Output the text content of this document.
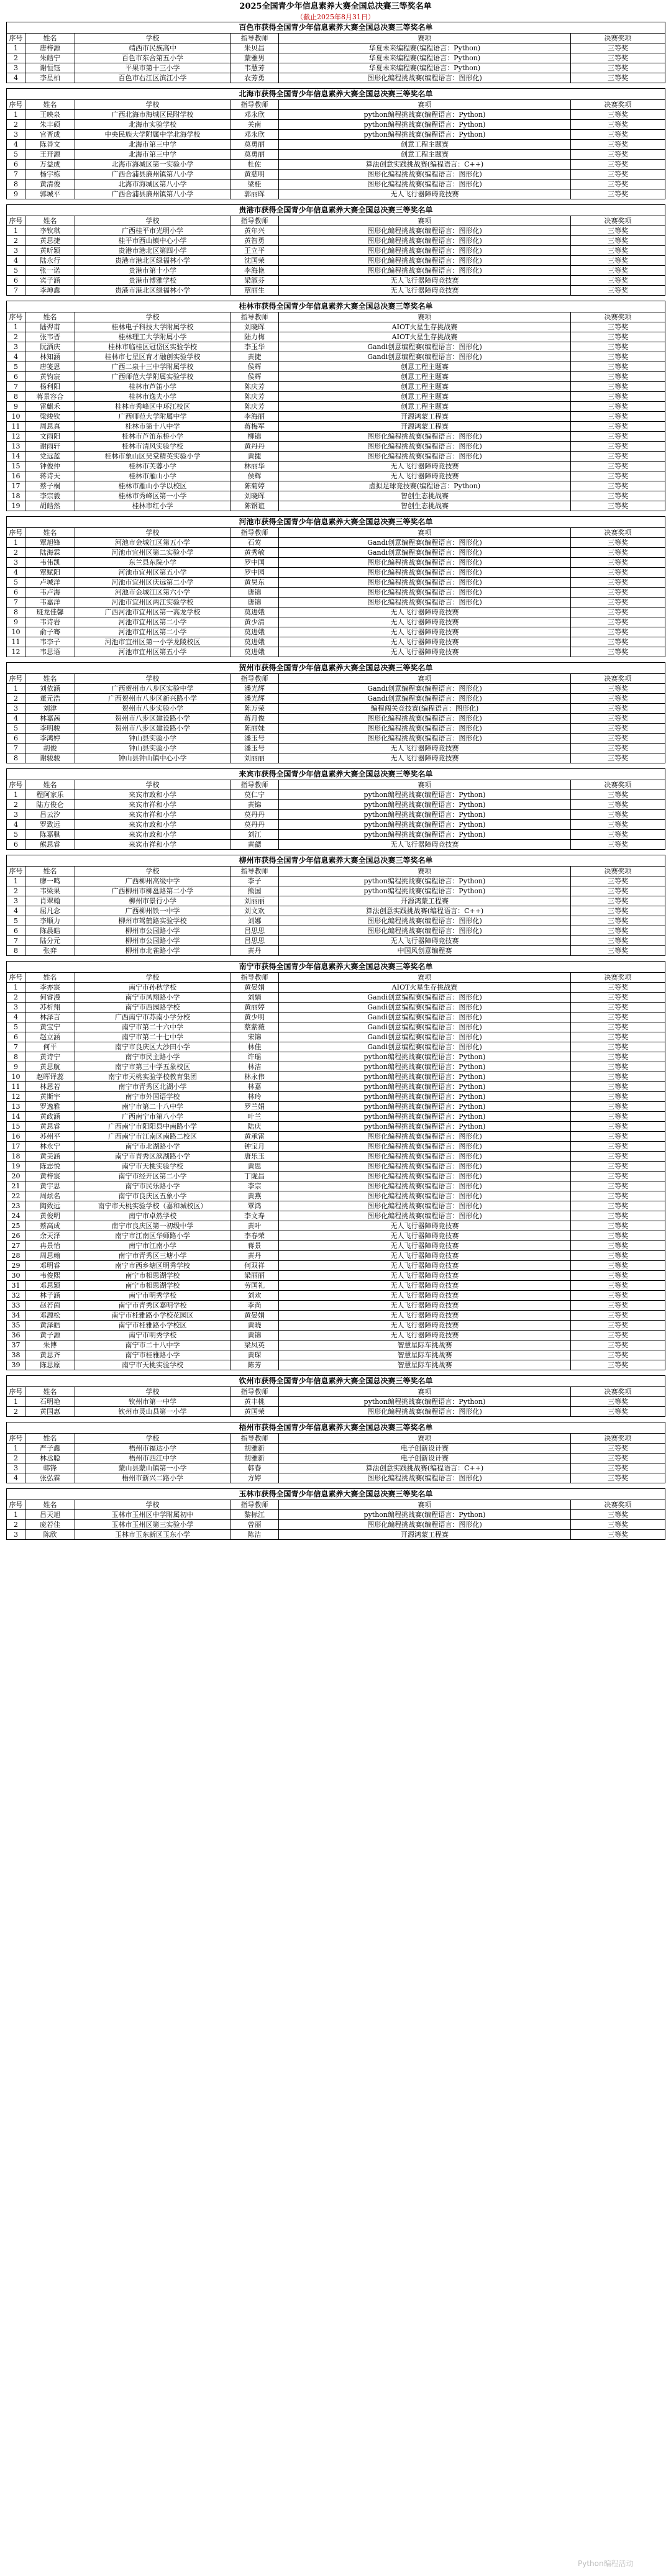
2025全国青少年信息素养大赛全国总决赛三等奖名单
（截止2025年8月31日）
百色市获得全国青少年信息素养大赛全国总决赛三等奖名单					
序号	姓名	学校	指导教师	赛项	决赛奖项
1	唐梓源	靖西市民族高中	朱贝昌	华夏未来编程赛(编程语言：Python)	三等奖
2	朱皓宁	百色市东合第五小学	蒙雅男	华夏未来编程赛(编程语言：Python)	三等奖
3	谢恒钰	平果市第十三小学	韦慧芳	华夏未来编程赛(编程语言：Python)	三等奖
4	李星柏	百色市右江区滨江小学	农芳勇	图形化编程挑战赛(编程语言：图形化)	三等奖
北海市获得全国青少年信息素养大赛全国总决赛三等奖名单					
序号	姓名	学校	指导教师	赛项	决赛奖项
1	王映泉	广西北海市海城区民附学校	邓永欣	python编程挑战赛(编程语言：Python)	三等奖
2	朱丰硕	北海市实验学校	关南	python编程挑战赛(编程语言：Python)	三等奖
3	官晋成	中央民族大学附属中学北海学校	邓永欣	python编程挑战赛(编程语言：Python)	三等奖
4	陈善文	北海市第三中学	莫勇丽	创意工程主题赛	三等奖
5	王开源	北海市第三中学	莫勇丽	创意工程主题赛	三等奖
6	万益成	北海市海城区第一实验小学	杜佐	算法创意实践挑战赛(编程语言：C++)	三等奖
7	杨宇栋	广西合浦县廉州镇第八小学	黄慈明	图形化编程挑战赛(编程语言：图形化)	三等奖
8	黄清俊	北海市海城区第八小学	梁桂	图形化编程挑战赛(编程语言：图形化)	三等奖
9	郭城平	广西合浦县廉州镇第八小学	郭丽晖	无人飞行器障碍竞技赛	三等奖
贵港市获得全国青少年信息素养大赛全国总决赛三等奖名单					
序号	姓名	学校	指导教师	赛项	决赛奖项
1	李钦琪	广西桂平市光明小学	黄年兴	图形化编程挑战赛(编程语言：图形化)	三等奖
2	黄思捷	桂平市西山镇中心小学	黄智勇	图形化编程挑战赛(编程语言：图形化)	三等奖
3	黄昕颖	贵港市港北区第四小学	王立平	图形化编程挑战赛(编程语言：图形化)	三等奖
4	陆永行	贵港市港北区绿福林小学	沈国荣	图形化编程挑战赛(编程语言：图形化)	三等奖
5	张一诺	贵港市第十小学	李海艳	图形化编程挑战赛(编程语言：图形化)	三等奖
6	宾子涵	贵港市博雅学校	梁淑芬	无人飞行器障碍竞技赛	三等奖
7	李坤鑫	贵港市港北区绿福林小学	覃丽生	无人飞行器障碍竞技赛	三等奖
桂林市获得全国青少年信息素养大赛全国总决赛三等奖名单					
序号	姓名	学校	指导教师	赛项	决赛奖项
1	陆羿甫	桂林电子科技大学附属学校	刘晓晖	AIOT火星生存挑战赛	三等奖
2	张韦晋	桂林理工大学附属小学	陆力梅	AIOT火星生存挑战赛	三等奖
3	阮洒庆	桂林市临桂区冠岱区实验学校	李玉华	Gandi创意编程赛(编程语言：图形化)	三等奖
4	林知涵	桂林市七星区育才融创实验学校	黄捷	Gandi创意编程赛(编程语言：图形化)	三等奖
5	唐笺恩	广西二泉十三中学附属学校	侯辉	创意工程主题赛	三等奖
6	黄钧宸	广西师范大学附属实验学校	侯辉	创意工程主题赛	三等奖
7	杨利阳	桂林市芦笛小学	陈庆芳	创意工程主题赛	三等奖
8	蒋景容合	桂林市逸夫小学	陈庆芳	创意工程主题赛	三等奖
9	雷麒禾	桂林市秀峰区中环江校区	陈庆芳	创意工程主题赛	三等奖
10	梁竣钦	广西师范大学附属中学	李海丽	开源鸿蒙工程赛	三等奖
11	周思真	桂林市第十八中学	蒋梅军	开源鸿蒙工程赛	三等奖
12	文雨阳	桂林市芦笛东桥小学	柳锦	图形化编程挑战赛(编程语言：图形化)	三等奖
13	谢雨轩	桂林市清风实验学校	黄丹丹	图形化编程挑战赛(编程语言：图形化)	三等奖
14	党远蓝	桂林市象山区吴棠精英实验小学	黄捷	图形化编程挑战赛(编程语言：图形化)	三等奖
15	钟俊仲	桂林市芙蓉小学	林丽华	无人飞行器障碍竞技赛	三等奖
16	蒋诗天	桂林市雁山小学	侯辉	无人飞行器障碍竞技赛	三等奖
17	蔡子桐	桂林市雁山小学以校区	陈菊婷	虚拟足球竞技赛(编程语言：Python)	三等奖
18	李宗毅	桂林市秀峰区第一小学	刘晓晖	智创生态挑战赛	三等奖
19	胡皓然	桂林市红小学	陈钢谊	智创生态挑战赛	三等奖
河池市获得全国青少年信息素养大赛全国总决赛三等奖名单					
序号	姓名	学校	指导教师	赛项	决赛奖项
1	覃旭锋	河池市金城江区第五小学	石莺	Gandi创意编程赛(编程语言：图形化)	三等奖
2	陆海霖	河池市宜州区第二实验小学	黄秀敏	Gandi创意编程赛(编程语言：图形化)	三等奖
3	韦伟凯	东兰县东院小学	罗中国	图形化编程挑战赛(编程语言：图形化)	三等奖
4	覃赋阳	河池市宜州区第五小学	罗中园	图形化编程挑战赛(编程语言：图形化)	三等奖
5	卢城洋	河池市宜州区庆远第二小学	黄昊东	图形化编程挑战赛(编程语言：图形化)	三等奖
6	韦卢海	河池市金城江区第六小学	唐锦	图形化编程挑战赛(编程语言：图形化)	三等奖
7	韦嘉洋	河池市宜州区两江实验学校	唐锦	图形化编程挑战赛(编程语言：图形化)	三等奖
8	班龙佳馨	广西河池市宜州区第一高龙学校	莫进娥	无人飞行器障碍竞技赛	三等奖
9	韦诗岩	河池市宜州区第二小学	黄少清	无人飞行器障碍竞技赛	三等奖
10	俞子骞	河池市宜州区第二小学	莫进娥	无人飞行器障碍竞技赛	三等奖
11	韦李子	河池市宜州区第一小学龙陵校区	莫进娥	无人飞行器障碍竞技赛	三等奖
12	韦思语	河池市宜州区第五小学	莫进娥	无人飞行器障碍竞技赛	三等奖
贺州市获得全国青少年信息素养大赛全国总决赛三等奖名单					
序号	姓名	学校	指导教师	赛项	决赛奖项
1	刘依涵	广西贺州市八步区实验中学	潘光辉	Gandi创意编程赛(编程语言：图形化)	三等奖
2	董元浩	广西贺州市八步区新兴路小学	潘光辉	Gandi创意编程赛(编程语言：图形化)	三等奖
3	刘津	贺州市八步实验小学	陈万荣	编程闯关竞技赛(编程语言：图形化)	三等奖
4	林嘉茜	贺州市八步区建设路小学	蒋月俊	图形化编程挑战赛(编程语言：图形化)	三等奖
5	李明骏	贺州市八步区建设路小学	陈丽妹	图形化编程挑战赛(编程语言：图形化)	三等奖
6	李鸿婷	钟山县实验小学	潘玉号	图形化编程挑战赛(编程语言：图形化)	三等奖
7	胡俊	钟山县实验小学	潘玉号	无人飞行器障碍竞技赛	三等奖
8	谢骏骏	钟山县钟山镇中心小学	刘丽丽	无人飞行器障碍竞技赛	三等奖
来宾市获得全国青少年信息素养大赛全国总决赛三等奖名单					
序号	姓名	学校	指导教师	赛项	决赛奖项
1	程阿家乐	来宾市政和小学	莫仁宁	python编程挑战赛(编程语言：Python)	三等奖
2	陆方俊仑	来宾市祥和小学	黄锦	python编程挑战赛(编程语言：Python)	三等奖
3	吕云汐	来宾市祥和小学	莫丹丹	python编程挑战赛(编程语言：Python)	三等奖
4	罗致远	来宾市政和小学	莫丹丹	python编程挑战赛(编程语言：Python)	三等奖
5	陈嘉骐	来宾市政和小学	刘江	python编程挑战赛(编程语言：Python)	三等奖
6	熊思睿	来宾市祥和小学	黄勰	无人飞行器障碍竞技赛	三等奖
柳州市获得全国青少年信息素养大赛全国总决赛三等奖名单					
序号	姓名	学校	指导教师	赛项	决赛奖项
1	廖一鸣	广西柳州高级中学	李子	python编程挑战赛(编程语言：Python)	三等奖
2	韦梁果	广西柳州市柳邕路第二小学	熊国	python编程挑战赛(编程语言：Python)	三等奖
3	肖翠翰	柳州市景行小学	刘丽丽	开源鸿蒙工程赛	三等奖
4	屈凡念	广西柳州铁一中学	刘文欢	算法创意实践挑战赛(编程语言：C++)	三等奖
5	李顺力	柳州市驾鹤路实验学校	刘娜	图形化编程挑战赛(编程语言：图形化)	三等奖
6	陈晨皓	柳州市公园路小学	吕思思	图形化编程挑战赛(编程语言：图形化)	三等奖
7	陆分元	柳州市公园路小学	吕思思	无人飞行器障碍竞技赛	三等奖
8	张弈	柳州市北雀路小学	黄丹	中国风创意编程赛	三等奖
南宁市获得全国青少年信息素养大赛全国总决赛三等奖名单					
序号	姓名	学校	指导教师	赛项	决赛奖项
1	李亦宸	南宁市孙秋学校	黄晏娟	AIOT火星生存挑战赛	三等奖
2	何睿漫	南宁市凤翔路小学	刘娟	Gandi创意编程赛(编程语言：图形化)	三等奖
3	苏析翔	南宁市西园路学校	黄丽婷	Gandi创意编程赛(编程语言：图形化)	三等奖
4	林泽言	广西南宁市苏南小学分校	黄少明	Gandi创意编程赛(编程语言：图形化)	三等奖
5	黄宝宁	南宁市第二十六中学	蔡紫薇	Gandi创意编程赛(编程语言：图形化)	三等奖
6	赵立涵	南宁市第二十七中学	宋锦	Gandi创意编程赛(编程语言：图形化)	三等奖
7	何平	南宁市良庆区大沙田小学	林佳	Gandi创意编程赛(编程语言：图形化)	三等奖
8	黄诗宁	南宁市民主路小学	许瑶	python编程挑战赛(编程语言：Python)	三等奖
9	黄思航	南宁市第三中学五象校区	林洁	python编程挑战赛(编程语言：Python)	三等奖
10	赵晖译蕊	南宁市天桃实验学校教育集团	林永伟	python编程挑战赛(编程语言：Python)	三等奖
11	林恩若	南宁市青秀区北湖小学	林嘉	python编程挑战赛(编程语言：Python)	三等奖
12	黄斯宇	南宁市外国语学校	林玲	python编程挑战赛(编程语言：Python)	三等奖
13	罗逸雅	南宁市第二十八中学	罗兰娟	python编程挑战赛(编程语言：Python)	三等奖
14	黄政涵	广西南宁市第八小学	叶兰	python编程挑战赛(编程语言：Python)	三等奖
15	黄思睿	广西南宁市阳阳县中南路小学	陆庆	python编程挑战赛(编程语言：Python)	三等奖
16	苏州平	广西南宁市江南区南路二校区	黄承雷	图形化编程挑战赛(编程语言：图形化)	三等奖
17	林永宁	南宁市北湖路小学	钟宝月	图形化编程挑战赛(编程语言：图形化)	三等奖
18	黄美涵	南宁市青秀区滨湖路小学	唐乐玉	图形化编程挑战赛(编程语言：图形化)	三等奖
19	陈志悦	南宁市天桃实验学校	黄思	图形化编程挑战赛(编程语言：图形化)	三等奖
20	黄梓宸	南宁市经开区第二小学	丁陇昌	图形化编程挑战赛(编程语言：图形化)	三等奖
21	黄宇思	南宁市民乐路小学	李宗	图形化编程挑战赛(编程语言：图形化)	三等奖
22	周炫名	南宁市良庆区五象小学	黄燕	图形化编程挑战赛(编程语言：图形化)	三等奖
23	陶致远	南宁市天桃实验学校（嘉和城校区）	覃鸿	图形化编程挑战赛(编程语言：图形化)	三等奖
24	黄俊明	南宁市卓然学校	李文寿	图形化编程挑战赛(编程语言：图形化)	三等奖
25	蔡高成	南宁市良庆区第一初级中学	黄叶	无人飞行器障碍竞技赛	三等奖
26	余天泽	南宁市江南区华师路小学	李春荣	无人飞行器障碍竞技赛	三等奖
27	冉景怡	南宁市江南小学	蒋景	无人飞行器障碍竞技赛	三等奖
28	周思翰	南宁市青秀区三塘小学	黄丹	无人飞行器障碍竞技赛	三等奖
29	邓明睿	南宁市西乡塘区明秀学校	何双祥	无人飞行器障碍竞技赛	三等奖
30	韦俊熙	南宁市相思湖学校	梁丽丽	无人飞行器障碍竞技赛	三等奖
31	邓思颖	南宁市相思湖学校	劳国礼	无人飞行器障碍竞技赛	三等奖
32	林子涵	南宁市明秀学校	刘欢	无人飞行器障碍竞技赛	三等奖
33	赵若茵	南宁市青秀区嘉明学校	李尚	无人飞行器障碍竞技赛	三等奖
34	邓源松	南宁市桂雅路小学校花园区	黄晏娟	无人飞行器障碍竞技赛	三等奖
35	黄泽皓	南宁市桂雅路小学校区	黄晓	无人飞行器障碍竞技赛	三等奖
36	黄子源	南宁市明秀学校	黄锦	无人飞行器障碍竞技赛	三等奖
37	朱博	南宁市二十八中学	梁凤英	智慧星际车挑战赛	三等奖
38	黄思齐	南宁市桂雅路小学	黄琛	智慧星际车挑战赛	三等奖
39	陈思原	南宁市天桃实验学校	陈芳	智慧星际车挑战赛	三等奖
钦州市获得全国青少年信息素养大赛全国总决赛三等奖名单					
序号	姓名	学校	指导教师	赛项	决赛奖项
1	石明艳	钦州市第一中学	黄丰桃	python编程挑战赛(编程语言：Python)	三等奖
2	黄国惠	钦州市灵山县第一小学	黄国荣	图形化编程挑战赛(编程语言：图形化)	三等奖
梧州市获得全国青少年信息素养大赛全国总决赛三等奖名单					
序号	姓名	学校	指导教师	赛项	决赛奖项
1	严子鑫	梧州市福达小学	胡雅新	电子创新设计赛	三等奖
2	林丞聪	梧州市西江中学	胡雅新	电子创新设计赛	三等奖
3	韩锋	蒙山县蒙山镇第一小学	韩春	算法创意实践挑战赛(编程语言：C++)	三等奖
4	张弘霖	梧州市新兴二路小学	方婷	图形化编程挑战赛(编程语言：图形化)	三等奖
玉林市获得全国青少年信息素养大赛全国总决赛三等奖名单					
序号	姓名	学校	指导教师	赛项	决赛奖项
1	吕天旭	玉林市玉州区中学附属初中	黎标江	python编程挑战赛(编程语言：Python)	三等奖
2	庞若佳	玉林市玉州区第三实验小学	曾丽	图形化编程挑战赛(编程语言：图形化)	三等奖
3	陈欣	玉林市玉东新区玉东小学	陈洁	开源鸿蒙工程赛	三等奖
Python编程活动
